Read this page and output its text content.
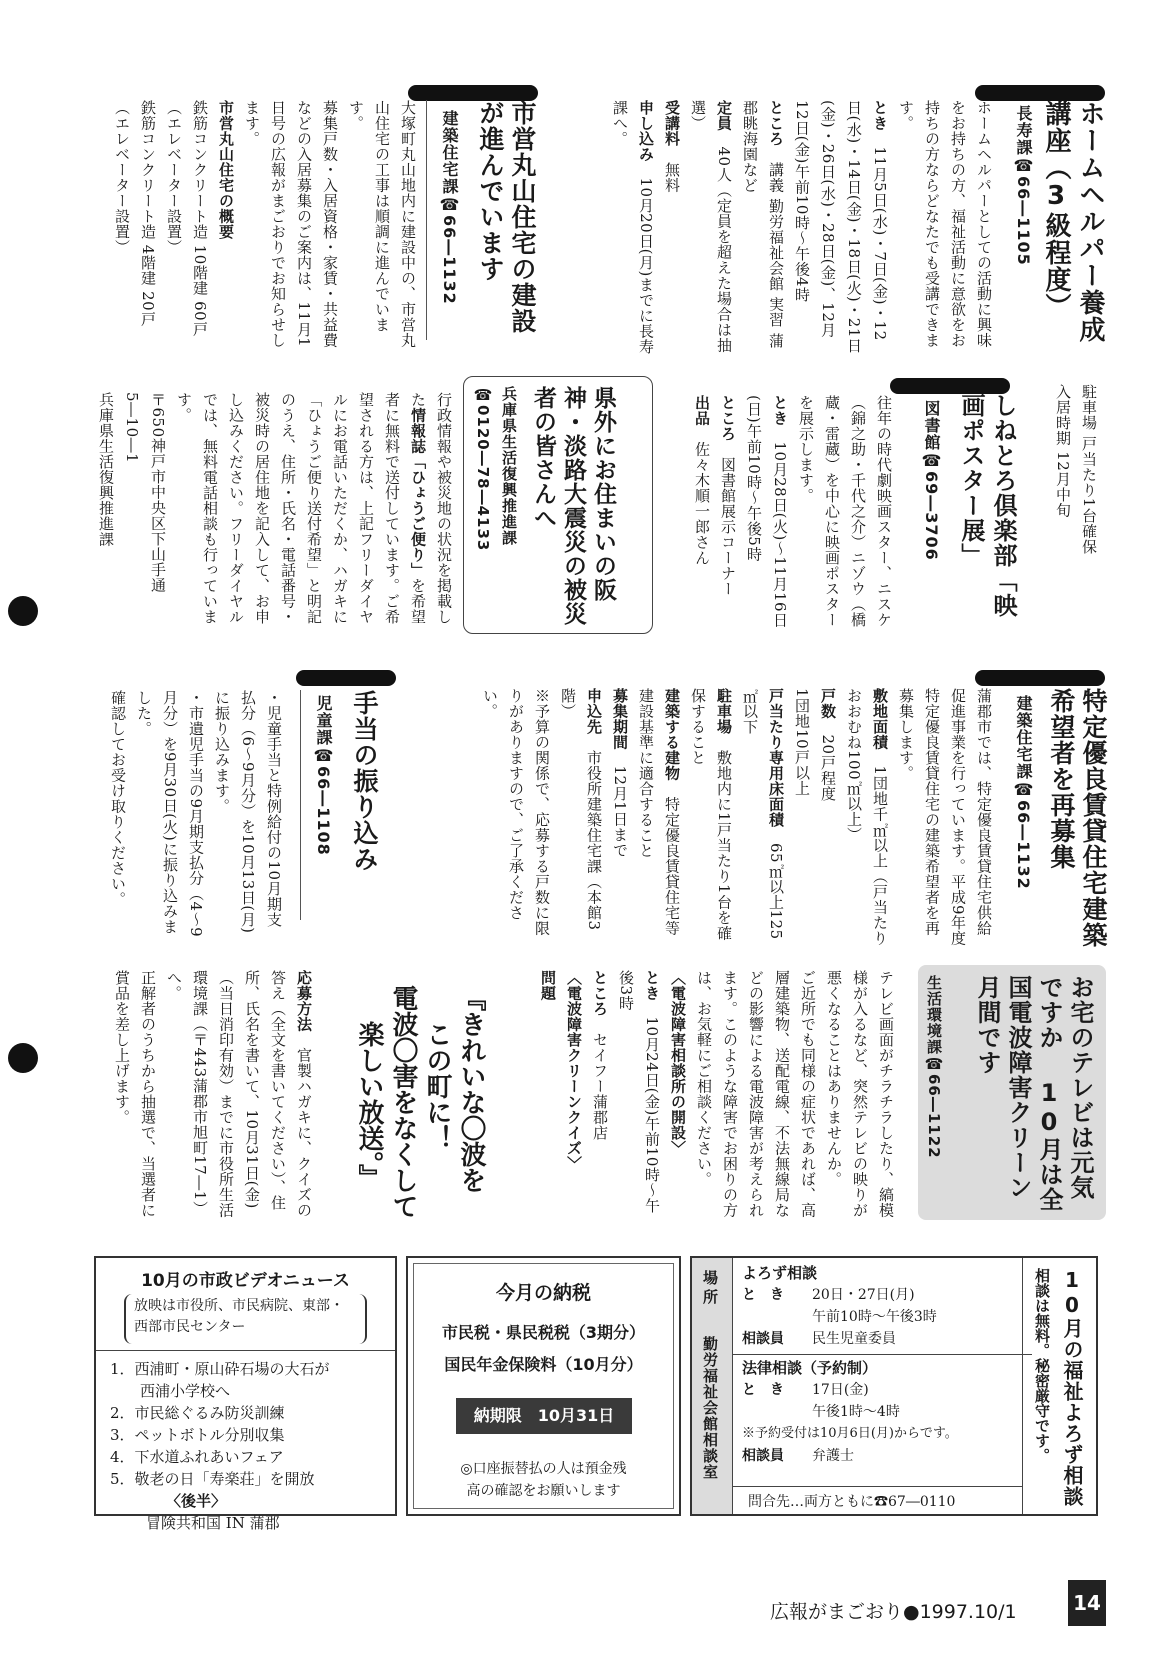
ホームヘルパー養成講座（3級程度）
長寿課☎66―1105

ホームヘルパーとしての活動に興味をお持ちの方、福祉活動に意欲をお持ちの方ならどなたでも受講できます。

とき　11月5日(水)・7日(金)・12日(水)・14日(金)・18日(火)・21日(金)・26日(水)・28日(金)、12月12日(金)午前10時～午後4時

ところ　講義 勤労福祉会館 実習 蒲郡眺海園など

定員　40人（定員を超えた場合は抽選）

受講料　無料

申し込み　10月20日(月)までに長寿課へ。

市営丸山住宅の建設が進んでいます
建築住宅課☎66―1132

大塚町丸山地内に建設中の、市営丸山住宅の工事は順調に進んでいます。

募集戸数・入居資格・家賃・共益費などの入居募集のご案内は、11月1日号の広報がまごおりでお知らせします。

市営丸山住宅の概要

鉄筋コンクリート造 10階建 60戸（エレベーター設置）

鉄筋コンクリート造 4階建 20戸（エレベーター設置）

駐車場 戸当たり1台確保

入居時期 12月中旬

しねとろ倶楽部「映画ポスター展」
図書館☎69―3706

往年の時代劇映画スター、ニスケ（錦之助・千代之介）ニゾウ（橋蔵・雷蔵）を中心に映画ポスターを展示します。

とき　10月28日(火)～11月16日(日)午前10時～午後5時

ところ　図書館展示コーナー

出品　佐々木順一郎さん

県外にお住まいの阪神・淡路大震災の被災者の皆さんへ
兵庫県生活復興推進課
☎0120―78―4133

行政情報や被災地の状況を掲載した情報誌「ひょうご便り」を希望者に無料で送付しています。ご希望される方は、上記フリーダイヤルにお電話いただくか、ハガキに「ひょうご便り送付希望」と明記のうえ、住所・氏名・電話番号・被災時の居住地を記入して、お申し込みください。フリーダイヤルでは、無料電話相談も行っています。

〒650神戸市中央区下山手通5―10―1

兵庫県生活復興推進課

特定優良賃貸住宅建築希望者を再募集
建築住宅課☎66―1132

蒲郡市では、特定優良賃貸住宅供給促進事業を行っています。平成9年度特定優良賃貸住宅の建築希望者を再募集します。

敷地面積　1団地千㎡以上（戸当たりおおむね100㎡以上）

戸数　20戸程度

1団地10戸以上

戸当たり専用床面積　65㎡以上125㎡以下

駐車場　敷地内に1戸当たり1台を確保すること

建築する建物　特定優良賃貸住宅等建設基準に適合すること

募集期間　12月1日まで

申込先　市役所建築住宅課（本館3階）

※予算の関係で、応募する戸数に限りがありますので、ご了承ください。

手当の振り込み
児童課☎66―1108

・児童手当と特例給付の10月期支払分（6～9月分）を10月13日(月)に振り込みます。

・市遺児手当の9月期支払分（4～9月分）を9月30日(火)に振り込みました。

確認してお受け取りください。

お宅のテレビは元気ですか 10月は全国電波障害クリーン月間です
生活環境課☎66―1122

テレビ画面がチラチラしたり、縞模様が入るなど、突然テレビの映りが悪くなることはありませんか。

ご近所でも同様の症状であれば、高層建築物、送配電線、不法無線局などの影響による電波障害が考えられます。このような障害でお困りの方は、お気軽にご相談ください。

〈電波障害相談所の開設〉

とき　10月24日(金)午前10時～午後3時

ところ　セイフー蒲郡店

〈電波障害クリーンクイズ〉

問題

『きれいな〇波を

この町に！

電波〇害をなくして

楽しい放送。』

応募方法　官製ハガキに、クイズの答え（全文を書いてください）、住所、氏名を書いて、10月31日(金)（当日消印有効）までに市役所生活環境課（〒443蒲郡市旭町17―1）へ。

正解者のうちから抽選で、当選者に賞品を差し上げます。

10月の市政ビデオニュース
放映は市役所、市民病院、東部・
西部市民センター
1．西浦町・原山砕石場の大石が
　　西浦小学校へ
2．市民総ぐるみ防災訓練
3．ペットボトル分別収集
4．下水道ふれあいフェア
5．敬老の日「寿楽荘」を開放
〈後半〉
冒険共和国 IN 蒲郡
今月の納税
市民税・県民税税（3期分）
国民年金保険料（10月分）
納期限　10月31日
◎口座振替払の人は預金残
高の確認をお願いします
場所
勤労福祉会館相談室
よろず相談
と　き 20日・27日(月)
午前10時～午後3時
相談員 民生児童委員
法律相談（予約制）
と　き 17日(金)
午後1時～4時
※予約受付は10月6日(月)からです。
相談員 弁護士
問合先…両方ともに☎67―0110	10月の福祉よろず相談
相談は無料。秘密厳守です。
広報がまごおり●1997.10/1	14
